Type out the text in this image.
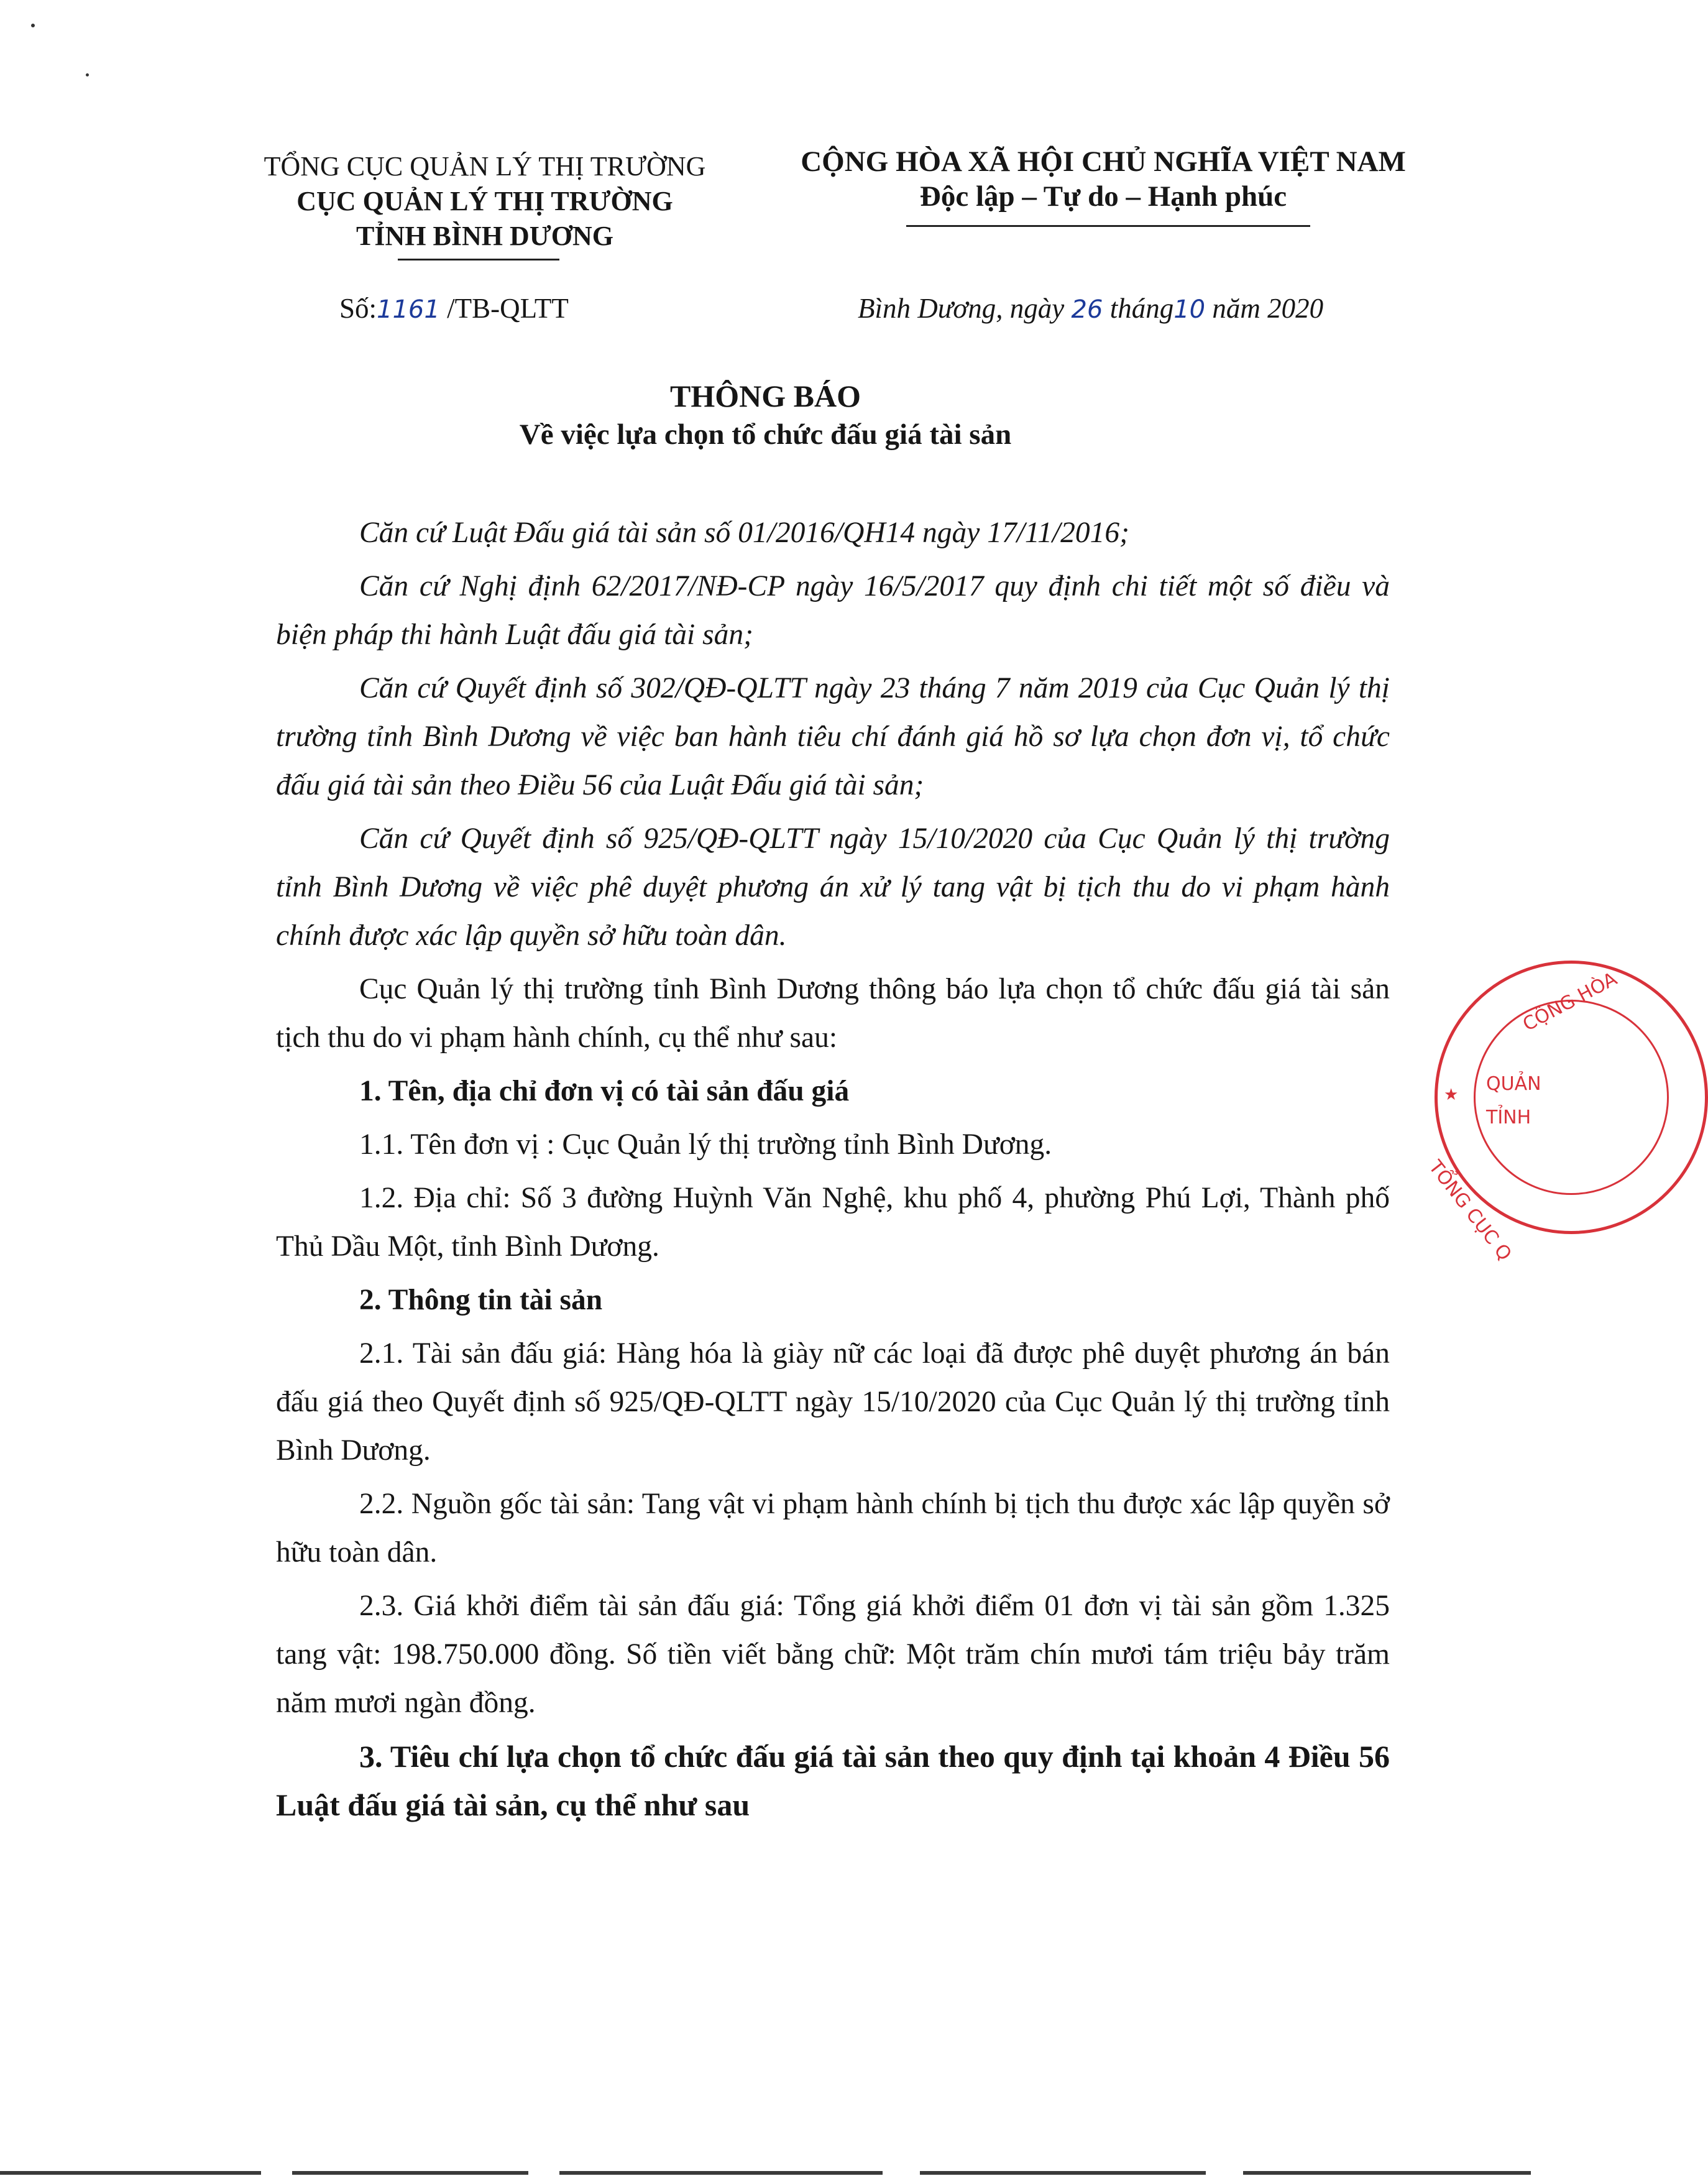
TỔNG CỤC QUẢN LÝ THỊ TRƯỜNG
CỤC QUẢN LÝ THỊ TRƯỜNG
TỈNH BÌNH DƯƠNG
CỘNG HÒA XÃ HỘI CHỦ NGHĨA VIỆT NAM
Độc lập – Tự do – Hạnh phúc
Số:1161 /TB-QLTT	Bình Dương, ngày 26 tháng10 năm 2020
THÔNG BÁO
Về việc lựa chọn tổ chức đấu giá tài sản

Căn cứ Luật Đấu giá tài sản số 01/2016/QH14 ngày 17/11/2016;

Căn cứ Nghị định 62/2017/NĐ-CP ngày 16/5/2017 quy định chi tiết một số điều và biện pháp thi hành Luật đấu giá tài sản;

Căn cứ Quyết định số 302/QĐ-QLTT ngày 23 tháng 7 năm 2019 của Cục Quản lý thị trường tỉnh Bình Dương về việc ban hành tiêu chí đánh giá hồ sơ lựa chọn đơn vị, tổ chức đấu giá tài sản theo Điều 56 của Luật Đấu giá tài sản;

Căn cứ Quyết định số 925/QĐ-QLTT ngày 15/10/2020 của Cục Quản lý thị trường tỉnh Bình Dương về việc phê duyệt phương án xử lý tang vật bị tịch thu do vi phạm hành chính được xác lập quyền sở hữu toàn dân.

Cục Quản lý thị trường tỉnh Bình Dương thông báo lựa chọn tổ chức đấu giá tài sản tịch thu do vi phạm hành chính, cụ thể như sau:

1. Tên, địa chỉ đơn vị có tài sản đấu giá

1.1. Tên đơn vị : Cục Quản lý thị trường tỉnh Bình Dương.

1.2. Địa chỉ: Số 3 đường Huỳnh Văn Nghệ, khu phố 4, phường Phú Lợi, Thành phố Thủ Dầu Một, tỉnh Bình Dương.

2. Thông tin tài sản

2.1. Tài sản đấu giá: Hàng hóa là giày nữ các loại đã được phê duyệt phương án bán đấu giá theo Quyết định số 925/QĐ-QLTT ngày 15/10/2020 của Cục Quản lý thị trường tỉnh Bình Dương.

2.2. Nguồn gốc tài sản: Tang vật vi phạm hành chính bị tịch thu được xác lập quyền sở hữu toàn dân.

2.3. Giá khởi điểm tài sản đấu giá: Tổng giá khởi điểm 01 đơn vị tài sản gồm 1.325 tang vật: 198.750.000 đồng. Số tiền viết bằng chữ: Một trăm chín mươi tám triệu bảy trăm năm mươi ngàn đồng.

3. Tiêu chí lựa chọn tổ chức đấu giá tài sản theo quy định tại khoản 4 Điều 56 Luật đấu giá tài sản, cụ thể như sau

CỘNG HÒA
QUẢN
TỈNH
TỔNG CỤC Q
★
